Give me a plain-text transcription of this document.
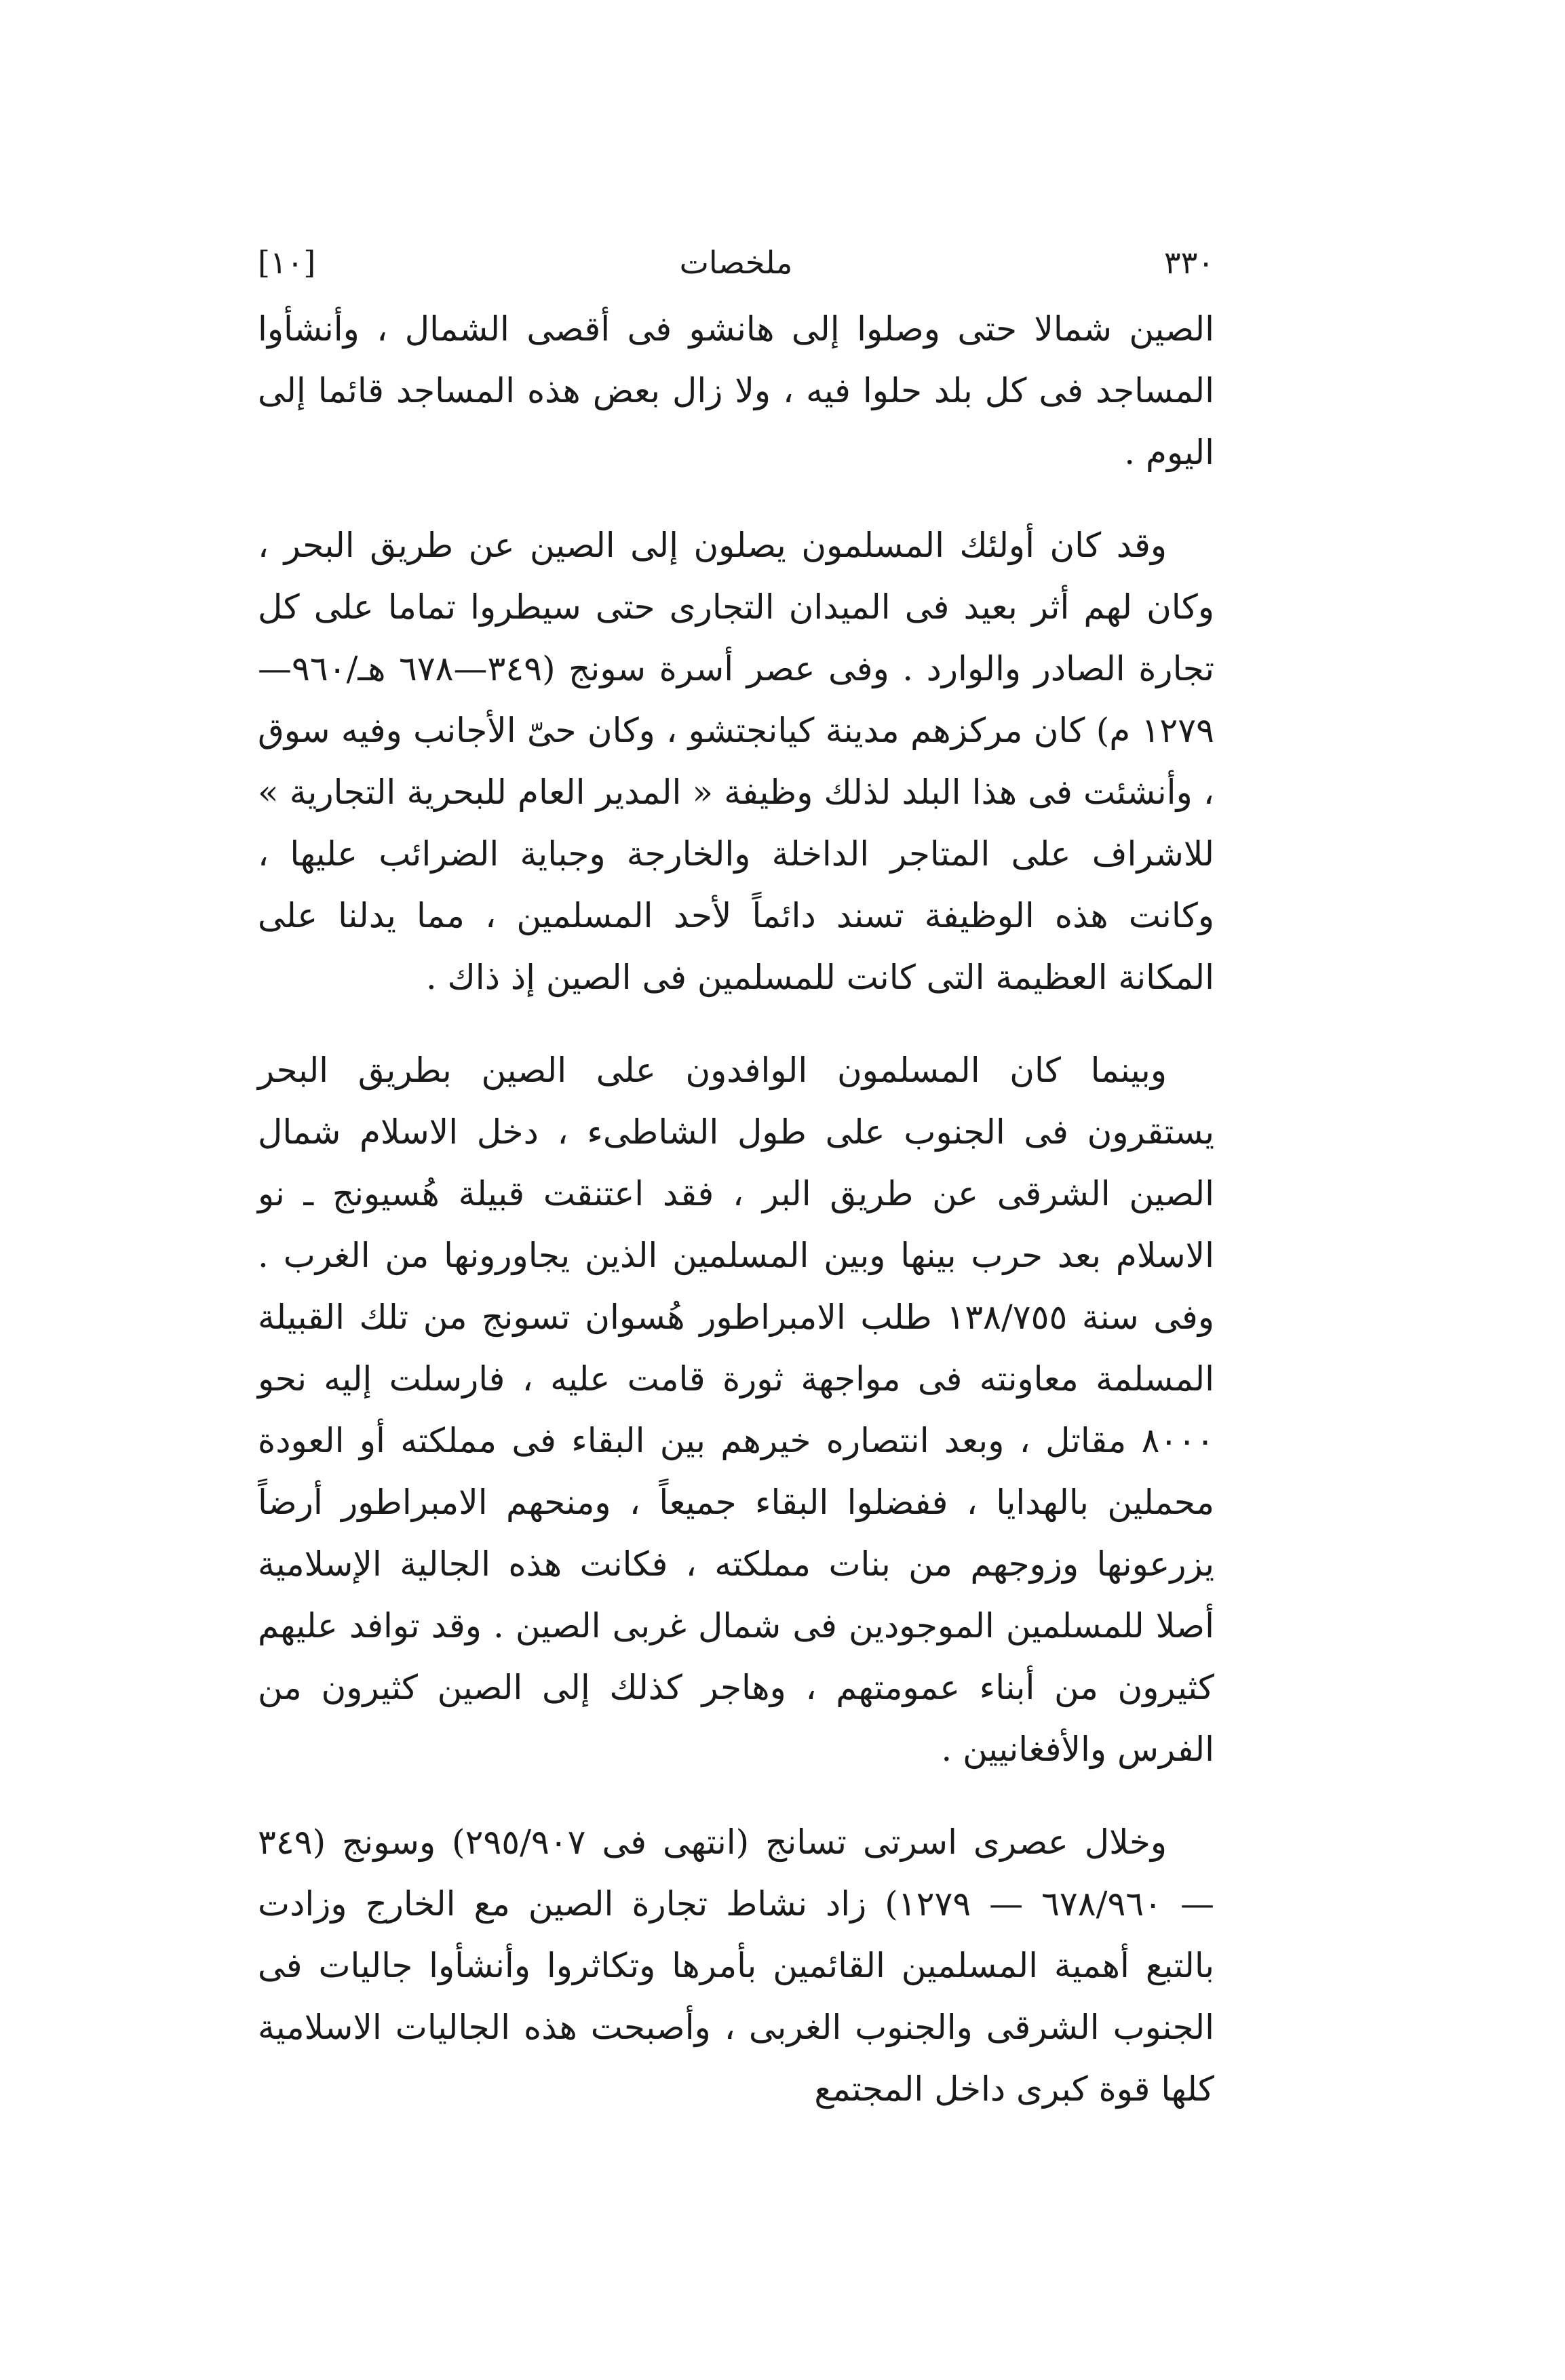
٣٣٠
ملخصات
[١٠]

الصين شمالا حتى وصلوا إلى هانشو فى أقصى الشمال ، وأنشأوا المساجد فى كل بلد حلوا فيه ، ولا زال بعض هذه المساجد قائما إلى اليوم .

وقد كان أولئك المسلمون يصلون إلى الصين عن طريق البحر ، وكان لهم أثر بعيد فى الميدان التجارى حتى سيطروا تماما على كل تجارة الصادر والوارد . وفى عصر أسرة سونج (٣٤٩—٦٧٨ هـ/٩٦٠—١٢٧٩ م) كان مركزهم مدينة كيانجتشو ، وكان حىّ الأجانب وفيه سوق ، وأنشئت فى هذا البلد لذلك وظيفة « المدير العام للبحرية التجارية » للاشراف على المتاجر الداخلة والخارجة وجباية الضرائب عليها ، وكانت هذه الوظيفة تسند دائماً لأحد المسلمين ، مما يدلنا على المكانة العظيمة التى كانت للمسلمين فى الصين إذ ذاك .

وبينما كان المسلمون الوافدون على الصين بطريق البحر يستقرون فى الجنوب على طول الشاطىء ، دخل الاسلام شمال الصين الشرقى عن طريق البر ، فقد اعتنقت قبيلة هُسيونج ـ نو الاسلام بعد حرب بينها وبين المسلمين الذين يجاورونها من الغرب . وفى سنة ١٣٨/٧٥٥ طلب الامبراطور هُسوان تسونج من تلك القبيلة المسلمة معاونته فى مواجهة ثورة قامت عليه ، فارسلت إليه نحو ٨٠٠٠ مقاتل ، وبعد انتصاره خيرهم بين البقاء فى مملكته أو العودة محملين بالهدايا ، ففضلوا البقاء جميعاً ، ومنحهم الامبراطور أرضاً يزرعونها وزوجهم من بنات مملكته ، فكانت هذه الجالية الإسلامية أصلا للمسلمين الموجودين فى شمال غربى الصين . وقد توافد عليهم كثيرون من أبناء عمومتهم ، وهاجر كذلك إلى الصين كثيرون من الفرس والأفغانيين .

وخلال عصرى اسرتى تسانج (انتهى فى ٢٩٥/٩٠٧) وسونج (٣٤٩ — ٦٧٨/٩٦٠ — ١٢٧٩) زاد نشاط تجارة الصين مع الخارج وزادت بالتبع أهمية المسلمين القائمين بأمرها وتكاثروا وأنشأوا جاليات فى الجنوب الشرقى والجنوب الغربى ، وأصبحت هذه الجاليات الاسلامية كلها قوة كبرى داخل المجتمع
